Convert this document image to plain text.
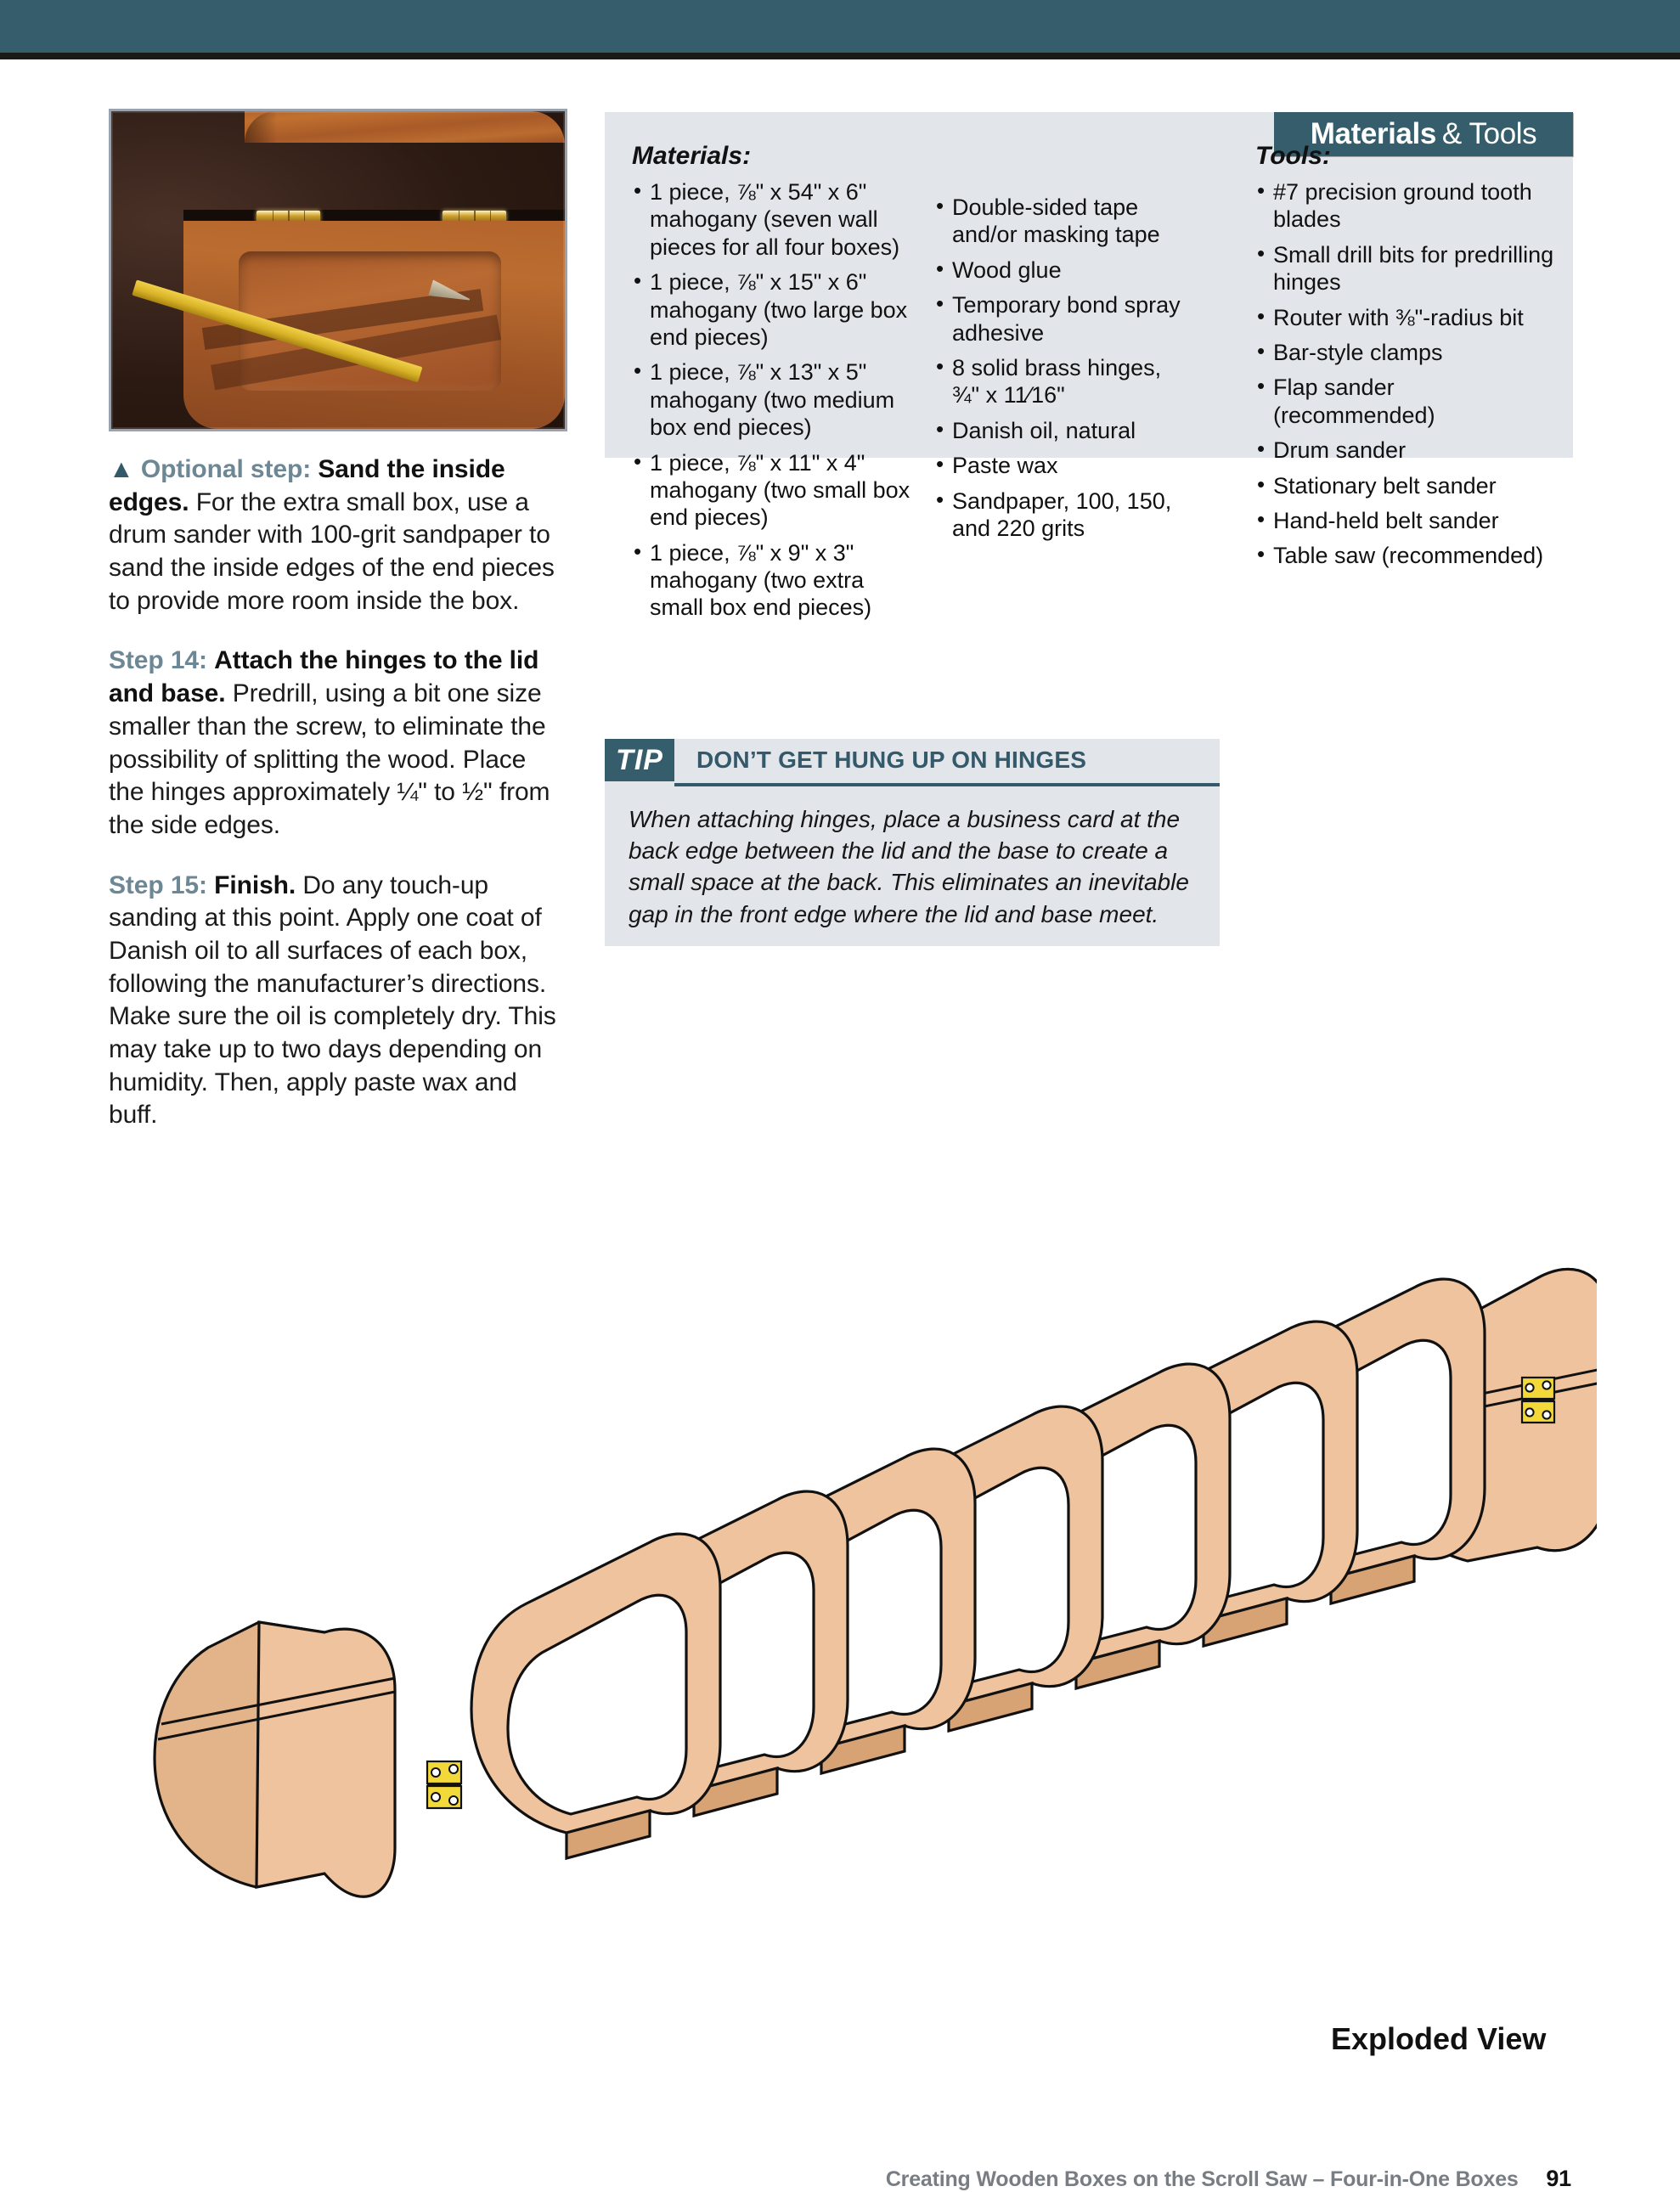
▲ Optional step: Sand the inside edges. For the extra small box, use a drum sander with 100-grit sandpaper to sand the inside edges of the end pieces to provide more room inside the box.

Step 14: Attach the hinges to the lid and base. Predrill, using a bit one size smaller than the screw, to eliminate the possibility of splitting the wood. Place the hinges approximately ¼" to ½" from the side edges.

Step 15: Finish. Do any touch-up sanding at this point. Apply one coat of Danish oil to all surfaces of each box, following the manufacturer’s directions. Make sure the oil is completely dry. This may take up to two days depending on humidity. Then, apply paste wax and buff.

Materials & Tools
Materials:
• 1 piece, ⅞" x 54" x 6" mahogany (seven wall pieces for all four boxes)
• 1 piece, ⅞" x 15" x 6" mahogany (two large box end pieces)
• 1 piece, ⅞" x 13" x 5" mahogany (two medium box end pieces)
• 1 piece, ⅞" x 11" x 4" mahogany (two small box end pieces)
• 1 piece, ⅞" x 9" x 3" mahogany (two extra small box end pieces)
• Double-sided tape and/or masking tape
• Wood glue
• Temporary bond spray adhesive
• 8 solid brass hinges, ¾" x 11⁄16"
• Danish oil, natural
• Paste wax
• Sandpaper, 100, 150, and 220 grits
Tools:
• #7 precision ground tooth blades
• Small drill bits for predrilling hinges
• Router with ⅜"-radius bit
• Bar-style clamps
• Flap sander (recommended)
• Drum sander
• Stationary belt sander
• Hand-held belt sander
• Table saw (recommended)
TIP	DON’T GET HUNG UP ON HINGES
When attaching hinges, place a business card at the back edge between the lid and the base to create a small space at the back. This eliminates an inevitable gap in the front edge where the lid and base meet.
Exploded View
Creating Wooden Boxes on the Scroll Saw – Four-in-One Boxes 91
